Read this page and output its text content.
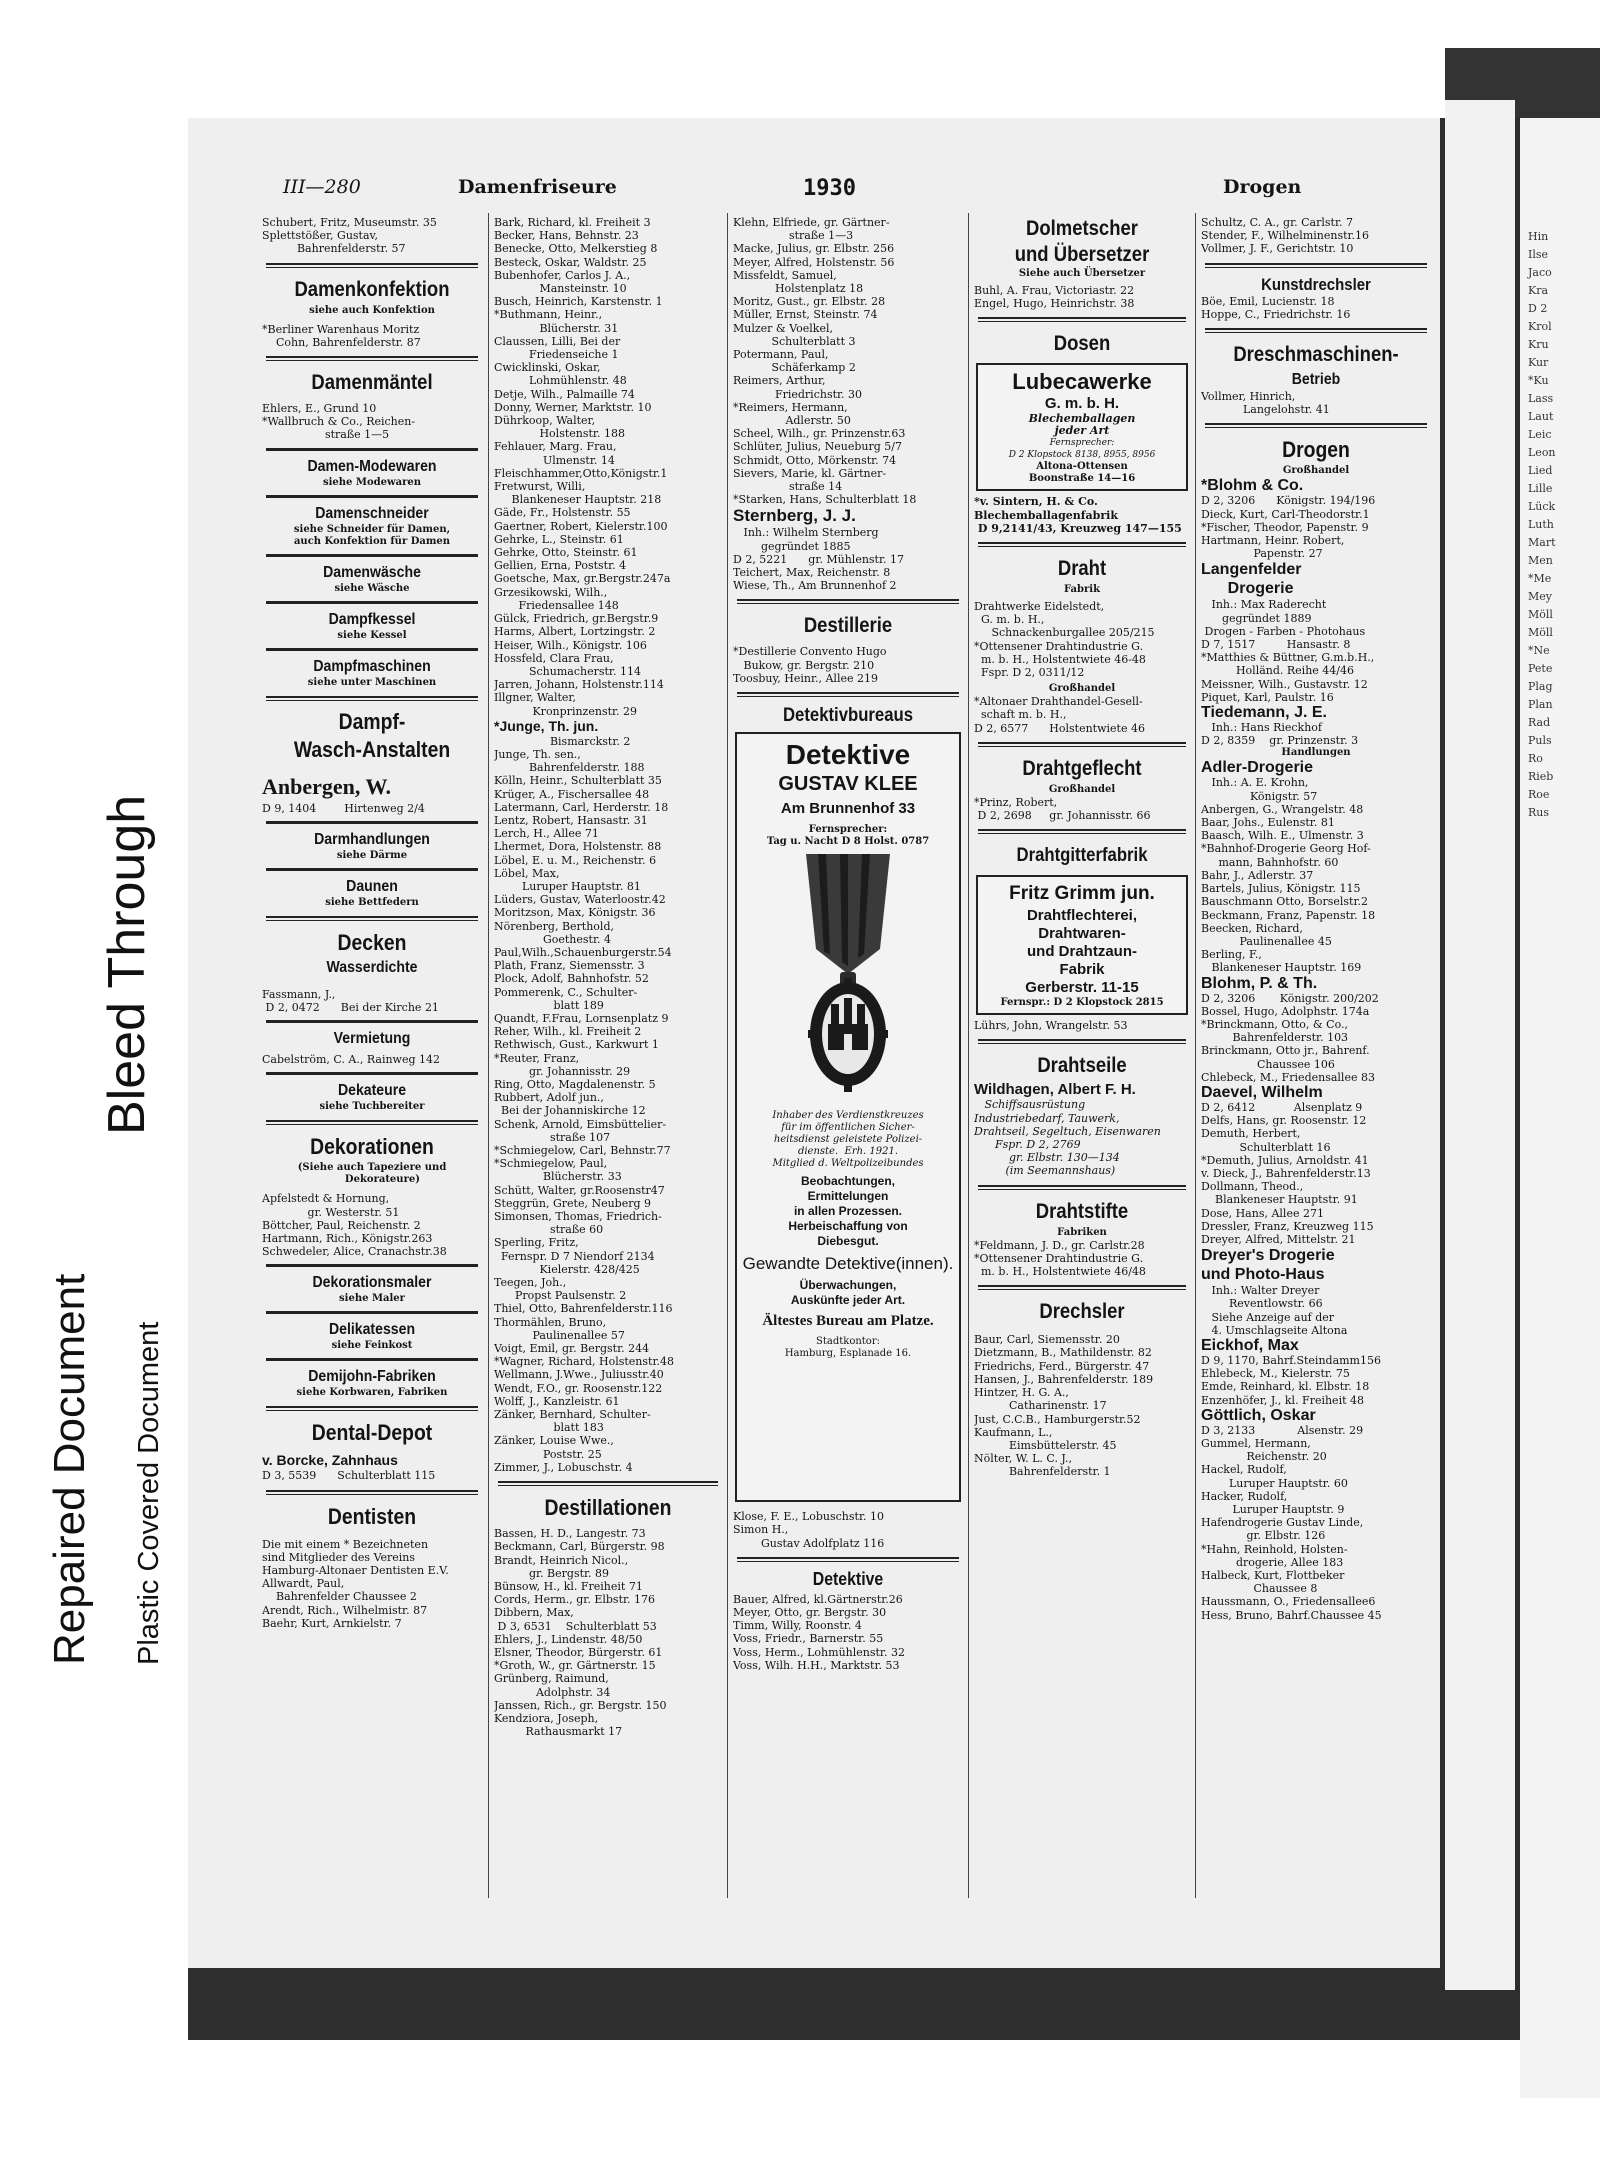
Hin
Ilse
Jaco
Kra
D 2
Krol
Kru
Kur
*Ku
Lass
Laut
Leic
Leon
Lied
Lille
Lück
Luth
Mart
Men
*Me
Mey
Möll
Möll
*Ne
Pete
Plag
Plan
Rad
Puls
Ro
Rieb
Roe
Rus
Repaired Document
Bleed Through
Plastic Covered Document
III—280	Damenfriseure	1930	Drogen
Schubert, Fritz, Museumstr. 35
Splettstößer, Gustav,
Bahrenfelderstr. 57
Damenkonfektion
siehe auch Konfektion
*Berliner Warenhaus Moritz
Cohn, Bahrenfelderstr. 87
Damenmäntel
Ehlers, E., Grund 10
*Wallbruch & Co., Reichen-
straße 1—5
Damen-Modewaren
siehe Modewaren
Damenschneider
siehe Schneider für Damen,
auch Konfektion für Damen
Damenwäsche
siehe Wäsche
Dampfkessel
siehe Kessel
Dampfmaschinen
siehe unter Maschinen
Dampf-
Wasch-Anstalten
Anbergen, W.
D 9, 1404        Hirtenweg 2/4
Darmhandlungen
siehe Därme
Daunen
siehe Bettfedern
Decken
Wasserdichte
Fassmann, J.,
D 2, 0472      Bei der Kirche 21
Vermietung
Cabelström, C. A., Rainweg 142
Dekateure
siehe Tuchbereiter
Dekorationen
(Siehe auch Tapeziere und
Dekorateure)
Apfelstedt & Hornung,
gr. Westerstr. 51
Böttcher, Paul, Reichenstr. 2
Hartmann, Rich., Königstr.263
Schwedeler, Alice, Cranachstr.38
Dekorationsmaler
siehe Maler
Delikatessen
siehe Feinkost
Demijohn-Fabriken
siehe Korbwaren, Fabriken
Dental-Depot
v. Borcke, Zahnhaus
D 3, 5539      Schulterblatt 115
Dentisten
Die mit einem * Bezeichneten
sind Mitglieder des Vereins
Hamburg-Altonaer Dentisten E.V.
Allwardt, Paul,
Bahrenfelder Chaussee 2
Arendt, Rich., Wilhelmistr. 87
Baehr, Kurt, Arnkielstr. 7
Bark, Richard, kl. Freiheit 3
Becker, Hans, Behnstr. 23
Benecke, Otto, Melkerstieg 8
Besteck, Oskar, Waldstr. 25
Bubenhofer, Carlos J. A.,
Mansteinstr. 10
Busch, Heinrich, Karstenstr. 1
*Buthmann, Heinr.,
Blücherstr. 31
Claussen, Lilli, Bei der
Friedenseiche 1
Cwicklinski, Oskar,
Lohmühlenstr. 48
Detje, Wilh., Palmaille 74
Donny, Werner, Marktstr. 10
Dührkoop, Walter,
Holstenstr. 188
Fehlauer, Marg. Frau,
Ulmenstr. 14
Fleischhammer,Otto,Königstr.1
Fretwurst, Willi,
Blankeneser Hauptstr. 218
Gäde, Fr., Holstenstr. 55
Gaertner, Robert, Kielerstr.100
Gehrke, L., Steinstr. 61
Gehrke, Otto, Steinstr. 61
Gellien, Erna, Poststr. 4
Goetsche, Max, gr.Bergstr.247a
Grzesikowski, Wilh.,
Friedensallee 148
Gülck, Friedrich, gr.Bergstr.9
Harms, Albert, Lortzingstr. 2
Heiser, Wilh., Königstr. 106
Hossfeld, Clara Frau,
Schumacherstr. 114
Jarren, Johann, Holstenstr.114
Illgner, Walter,
Kronprinzenstr. 29
*Junge, Th. jun.
Bismarckstr. 2
Junge, Th. sen.,
Bahrenfelderstr. 188
Kölln, Heinr., Schulterblatt 35
Krüger, A., Fischersallee 48
Latermann, Carl, Herderstr. 18
Lentz, Robert, Hansastr. 31
Lerch, H., Allee 71
Lhermet, Dora, Holstenstr. 88
Löbel, E. u. M., Reichenstr. 6
Löbel, Max,
Luruper Hauptstr. 81
Lüders, Gustav, Waterloostr.42
Moritzson, Max, Königstr. 36
Nörenberg, Berthold,
Goethestr. 4
Paul,Wilh.,Schauenburgerstr.54
Plath, Franz, Siemensstr. 3
Plock, Adolf, Bahnhofstr. 52
Pommerenk, C., Schulter-
blatt 189
Quandt, F.Frau, Lornsenplatz 9
Reher, Wilh., kl. Freiheit 2
Rethwisch, Gust., Karkwurt 1
*Reuter, Franz,
gr. Johannisstr. 29
Ring, Otto, Magdalenenstr. 5
Rubbert, Adolf jun.,
Bei der Johanniskirche 12
Schenk, Arnold, Eimsbüttelier-
straße 107
*Schmiegelow, Carl, Behnstr.77
*Schmiegelow, Paul,
Blücherstr. 33
Schütt, Walter, gr.Roosenstr47
Steggrün, Grete, Neuberg 9
Simonsen, Thomas, Friedrich-
straße 60
Sperling, Fritz,
Fernspr. D 7 Niendorf 2134
Kielerstr. 428/425
Teegen, Joh.,
Propst Paulsenstr. 2
Thiel, Otto, Bahrenfelderstr.116
Thormählen, Bruno,
Paulinenallee 57
Voigt, Emil, gr. Bergstr. 244
*Wagner, Richard, Holstenstr.48
Wellmann, J.Wwe., Juliusstr.40
Wendt, F.O., gr. Roosenstr.122
Wolff, J., Kanzleistr. 61
Zänker, Bernhard, Schulter-
blatt 183
Zänker, Louise Wwe.,
Poststr. 25
Zimmer, J., Lobuschstr. 4
Destillationen
Bassen, H. D., Langestr. 73
Beckmann, Carl, Bürgerstr. 98
Brandt, Heinrich Nicol.,
gr. Bergstr. 89
Bünsow, H., kl. Freiheit 71
Cords, Herm., gr. Elbstr. 176
Dibbern, Max,
D 3, 6531    Schulterblatt 53
Ehlers, J., Lindenstr. 48/50
Elsner, Theodor, Bürgerstr. 61
*Groth, W., gr. Gärtnerstr. 15
Grünberg, Raimund,
Adolphstr. 34
Janssen, Rich., gr. Bergstr. 150
Kendziora, Joseph,
Rathausmarkt 17
Klehn, Elfriede, gr. Gärtner-
straße 1—3
Macke, Julius, gr. Elbstr. 256
Meyer, Alfred, Holstenstr. 56
Missfeldt, Samuel,
Holstenplatz 18
Moritz, Gust., gr. Elbstr. 28
Müller, Ernst, Steinstr. 74
Mulzer & Voelkel,
Schulterblatt 3
Potermann, Paul,
Schäferkamp 2
Reimers, Arthur,
Friedrichstr. 30
*Reimers, Hermann,
Adlerstr. 50
Scheel, Wilh., gr. Prinzenstr.63
Schlüter, Julius, Neueburg 5/7
Schmidt, Otto, Mörkenstr. 74
Sievers, Marie, kl. Gärtner-
straße 14
*Starken, Hans, Schulterblatt 18
Sternberg, J. J.
Inh.: Wilhelm Sternberg
gegründet 1885
D 2, 5221      gr. Mühlenstr. 17
Teichert, Max, Reichenstr. 8
Wiese, Th., Am Brunnenhof 2
Destillerie
*Destillerie Convento Hugo
Bukow, gr. Bergstr. 210
Toosbuy, Heinr., Allee 219
Detektivbureaus
Detektive
GUSTAV KLEE
Am Brunnenhof 33
Fernsprecher:
Tag u. Nacht D 8 Holst. 0787
Inhaber des Verdienstkreuzes
für im öffentlichen Sicher-
heitsdienst geleistete Polizei-
dienste.  Erh. 1921.
Mitglied d. Weltpolizeibundes
Beobachtungen,
Ermittelungen
in allen Prozessen.
Herbeischaffung von
Diebesgut.
Gewandte Detektive(innen).
Überwachungen,
Auskünfte jeder Art.
Ältestes Bureau am Platze.
Stadtkontor:
Hamburg, Esplanade 16.
Klose, F. E., Lobuschstr. 10
Simon H.,
Gustav Adolfplatz 116
Detektive
Bauer, Alfred, kl.Gärtnerstr.26
Meyer, Otto, gr. Bergstr. 30
Timm, Willy, Roonstr. 4
Voss, Friedr., Barnerstr. 55
Voss, Herm., Lohmühlenstr. 32
Voss, Wilh. H.H., Marktstr. 53
Dolmetscher
und Übersetzer
Siehe auch Übersetzer
Buhl, A. Frau, Victoriastr. 22
Engel, Hugo, Heinrichstr. 38
Dosen
Lubecawerke
G. m. b. H.
Blechemballagen
jeder Art
Fernsprecher:
D 2 Klopstock 8138, 8955, 8956
Altona-Ottensen
Boonstraße 14—16
*v. Sintern, H. & Co.
Blechemballagenfabrik
D 9,2141/43, Kreuzweg 147—155
Draht
Fabrik
Drahtwerke Eidelstedt,
G. m. b. H.,
Schnackenburgallee 205/215
*Ottensener Drahtindustrie G.
m. b. H., Holstentwiete 46-48
Fspr. D 2, 0311/12
Großhandel
*Altonaer Drahthandel-Gesell-
schaft m. b. H.,
D 2, 6577      Holstentwiete 46
Drahtgeflecht
Großhandel
*Prinz, Robert,
D 2, 2698     gr. Johannisstr. 66
Drahtgitterfabrik
Fritz Grimm jun.
Drahtflechterei,
Drahtwaren-
und Drahtzaun-
Fabrik
Gerberstr. 11-15
Fernspr.: D 2 Klopstock 2815
Lührs, John, Wrangelstr. 53
Drahtseile
Wildhagen, Albert F. H.
Schiffsausrüstung
Industriebedarf, Tauwerk,
Drahtseil, Segeltuch, Eisenwaren
Fspr. D 2, 2769
gr. Elbstr. 130—134
(im Seemannshaus)
Drahtstifte
Fabriken
*Feldmann, J. D., gr. Carlstr.28
*Ottensener Drahtindustrie G.
m. b. H., Holstentwiete 46/48
Drechsler
Baur, Carl, Siemensstr. 20
Dietzmann, B., Mathildenstr. 82
Friedrichs, Ferd., Bürgerstr. 47
Hansen, J., Bahrenfelderstr. 189
Hintzer, H. G. A.,
Catharinenstr. 17
Just, C.C.B., Hamburgerstr.52
Kaufmann, L.,
Eimsbüttelerstr. 45
Nölter, W. L. C. J.,
Bahrenfelderstr. 1
Schultz, C. A., gr. Carlstr. 7
Stender, F., Wilhelminenstr.16
Vollmer, J. F., Gerichtstr. 10
Kunstdrechsler
Böe, Emil, Lucienstr. 18
Hoppe, C., Friedrichstr. 16
Dreschmaschinen-
Betrieb
Vollmer, Hinrich,
Langelohstr. 41
Drogen
Großhandel
*Blohm & Co.
D 2, 3206      Königstr. 194/196
Dieck, Kurt, Carl-Theodorstr.1
*Fischer, Theodor, Papenstr. 9
Hartmann, Heinr. Robert,
Papenstr. 27
Langenfelder
Drogerie
Inh.: Max Raderecht
gegründet 1889
Drogen - Farben - Photohaus
D 7, 1517         Hansastr. 8
*Matthies & Büttner, G.m.b.H.,
Holländ. Reihe 44/46
Meissner, Wilh., Gustavstr. 12
Piquet, Karl, Paulstr. 16
Tiedemann, J. E.
Inh.: Hans Rieckhof
D 2, 8359    gr. Prinzenstr. 3
Handlungen
Adler-Drogerie
Inh.: A. E. Krohn,
Königstr. 57
Anbergen, G., Wrangelstr. 48
Baar, Johs., Eulenstr. 81
Baasch, Wilh. E., Ulmenstr. 3
*Bahnhof-Drogerie Georg Hof-
mann, Bahnhofstr. 60
Bahr, J., Adlerstr. 37
Bartels, Julius, Königstr. 115
Bauschmann Otto, Borselstr.2
Beckmann, Franz, Papenstr. 18
Beecken, Richard,
Paulinenallee 45
Berling, F.,
Blankeneser Hauptstr. 169
Blohm, P. & Th.
D 2, 3206       Königstr. 200/202
Bossel, Hugo, Adolphstr. 174a
*Brinckmann, Otto, & Co.,
Bahrenfelderstr. 103
Brinckmann, Otto jr., Bahrenf.
Chaussee 106
Chlebeck, M., Friedensallee 83
Daevel, Wilhelm
D 2, 6412           Alsenplatz 9
Delfs, Hans, gr. Roosenstr. 12
Demuth, Herbert,
Schulterblatt 16
*Demuth, Julius, Arnoldstr. 41
v. Dieck, J., Bahrenfelderstr.13
Dollmann, Theod.,
Blankeneser Hauptstr. 91
Dose, Hans, Allee 271
Dressler, Franz, Kreuzweg 115
Dreyer, Alfred, Mittelstr. 21
Dreyer's Drogerie
und Photo-Haus
Inh.: Walter Dreyer
Reventlowstr. 66
Siehe Anzeige auf der
4. Umschlagseite Altona
Eickhof, Max
D 9, 1170, Bahrf.Steindamm156
Ehlebeck, M., Kielerstr. 75
Emde, Reinhard, kl. Elbstr. 18
Enzenhöfer, J., kl. Freiheit 48
Göttlich, Oskar
D 3, 2133            Alsenstr. 29
Gummel, Hermann,
Reichenstr. 20
Hackel, Rudolf,
Luruper Hauptstr. 60
Hacker, Rudolf,
Luruper Hauptstr. 9
Hafendrogerie Gustav Linde,
gr. Elbstr. 126
*Hahn, Reinhold, Holsten-
drogerie, Allee 183
Halbeck, Kurt, Flottbeker
Chaussee 8
Haussmann, O., Friedensallee6
Hess, Bruno, Bahrf.Chaussee 45
